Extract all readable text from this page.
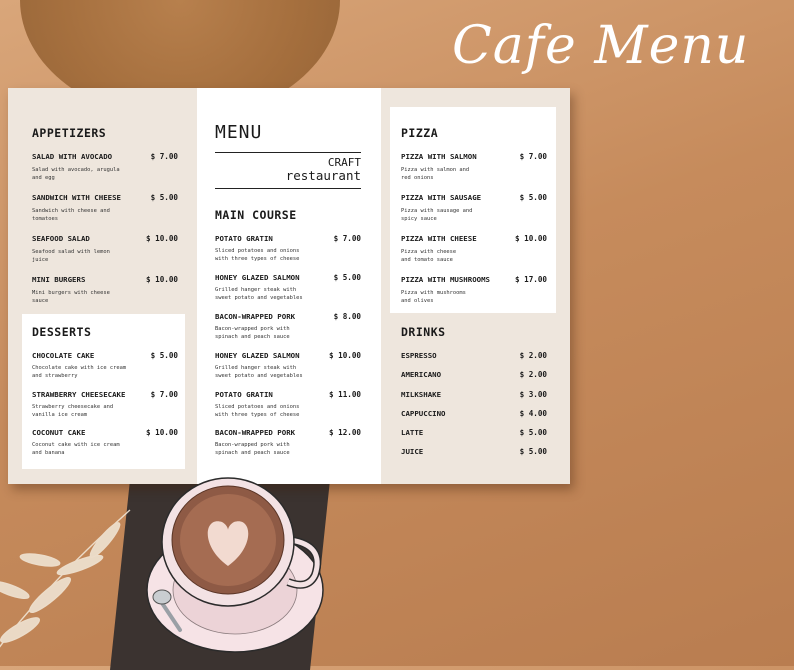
Cafe Menu
APPETIZERS
SALAD WITH AVOCADO	$ 7.00
Salad with avocado, arugula
and egg
SANDWICH WITH CHEESE	$ 5.00
Sandwich with cheese and
tomatoes
SEAFOOD SALAD	$ 10.00
Seafood salad with lemon
juice
MINI BURGERS	$ 10.00
Mini burgers with cheese
sauce
DESSERTS
CHOCOLATE CAKE	$ 5.00
Chocolate cake with ice cream
and strawberry
STRAWBERRY CHEESECAKE	$ 7.00
Strawberry cheesecake and
vanilla ice cream
COCONUT CAKE	$ 10.00
Coconut cake with ice cream
and banana
MENU
CRAFT
restaurant
MAIN COURSE
POTATO GRATIN	$ 7.00
Sliced potatoes and onions
with three types of cheese
HONEY GLAZED SALMON	$ 5.00
Grilled hanger steak with
sweet potato and vegetables
BACON-WRAPPED PORK	$ 8.00
Bacon-wrapped pork with
spinach and peach sauce
HONEY GLAZED SALMON	$ 10.00
Grilled hanger steak with
sweet potato and vegetables
POTATO GRATIN	$ 11.00
Sliced potatoes and onions
with three types of cheese
BACON-WRAPPED PORK	$ 12.00
Bacon-wrapped pork with
spinach and peach sauce
PIZZA
PIZZA WITH SALMON	$ 7.00
Pizza with salmon and
red onions
PIZZA WITH SAUSAGE	$ 5.00
Pizza with sausage and
spicy sauce
PIZZA WITH CHEESE	$ 10.00
Pizza with cheese
and tomato sauce
PIZZA WITH MUSHROOMS	$ 17.00
Pizza with mushrooms
and olives
DRINKS
ESPRESSO	$ 2.00
AMERICANO	$ 2.00
MILKSHAKE	$ 3.00
CAPPUCCINO	$ 4.00
LATTE	$ 5.00
JUICE	$ 5.00
